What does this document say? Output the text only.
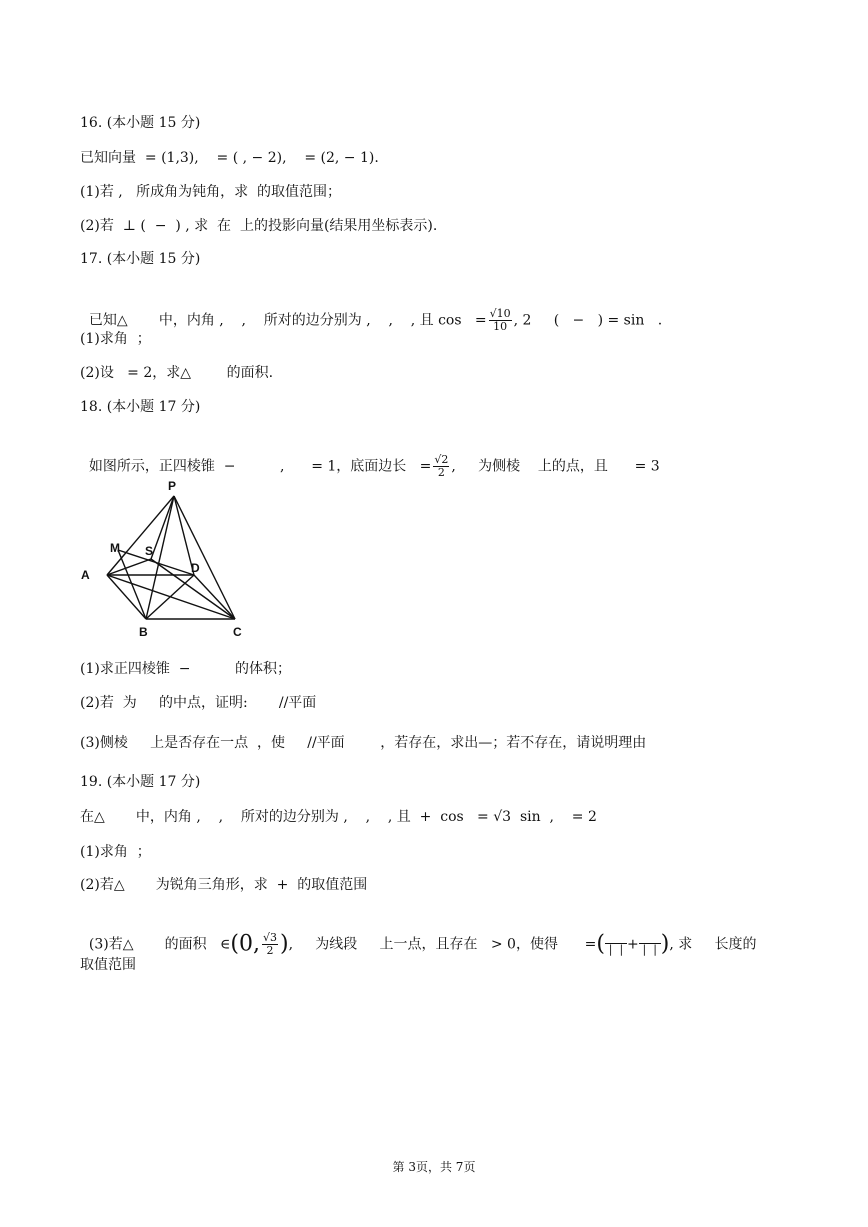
16. (本小题 15 分)
已知向量  = (1,3),    = ( , − 2),    = (2, − 1).
(1)若 ,   所成角为钝角，求  的取值范围；
(2)若  ⊥ (  −  ) , 求  在  上的投影向量(结果用坐标表示).
17. (本小题 15 分)

已知△       中，内角 ,    ,    所对的边分别为 ,    ,    , 且 $\cos = \frac{√10}{10}$ , 2     (   −   ) = sin   .

(1)求角  ；
(2)设   = 2，求△        的面积.
18. (本小题 17 分)

如图所示，正四棱锥  −          ,      = 1，底面边长   = $\frac{√2}{2}$ ,     为侧棱    上的点，且      = 3

P
M S
A	D
B	C
(1)求正四棱锥  −          的体积；
(2)若  为     的中点，证明:       //平面
(3)侧棱     上是否存在一点  ，使     //平面        ，若存在，求出—；若不存在，请说明理由
19. (本小题 17 分)
在△       中，内角 ,    ,    所对的边分别为 ,    ,    , 且  +  cos   = √3  sin  ,    = 2
(1)求角  ；
(2)若△       为锐角三角形，求  +  的取值范围

(3)若△       的面积   ∈(0, $\frac{√3}{2}$ ),     为线段     上一点，且存在   > 0，使得      =( |  | + |  | ), 求     长度的

取值范围
第 3页，共 7页
